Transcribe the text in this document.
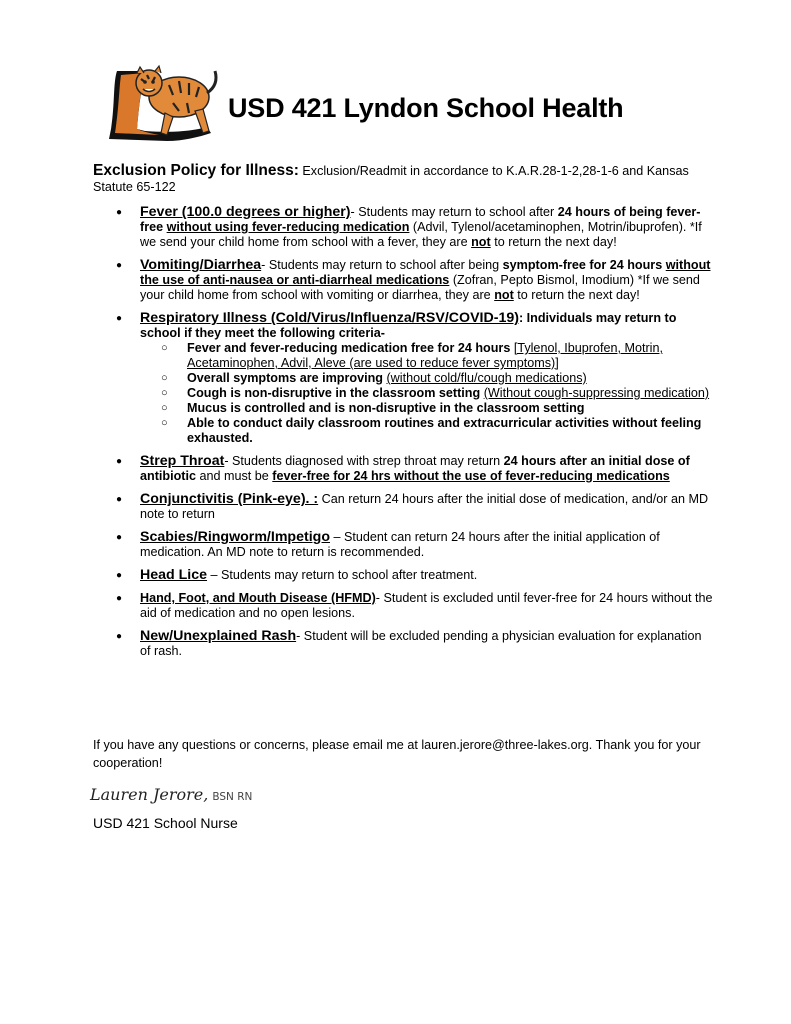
USD 421 Lyndon School Health
Exclusion Policy for Illness: Exclusion/Readmit in accordance to K.A.R.28-1-2,28-1-6 and Kansas Statute 65-122
● Fever (100.0 degrees or higher)- Students may return to school after 24 hours of being fever-free without using fever-reducing medication (Advil, Tylenol/acetaminophen, Motrin/ibuprofen). *If we send your child home from school with a fever, they are not to return the next day!
● Vomiting/Diarrhea- Students may return to school after being symptom-free for 24 hours without the use of anti-nausea or anti-diarrheal medications (Zofran, Pepto Bismol, Imodium) *If we send your child home from school with vomiting or diarrhea, they are not to return the next day!
● Respiratory Illness (Cold/Virus/Influenza/RSV/COVID-19): Individuals may return to school if they meet the following criteria-
○ Fever and fever-reducing medication free for 24 hours [Tylenol, Ibuprofen, Motrin, Acetaminophen, Advil, Aleve (are used to reduce fever symptoms)]
○ Overall symptoms are improving (without cold/flu/cough medications)
○ Cough is non-disruptive in the classroom setting (Without cough-suppressing medication)
○ Mucus is controlled and is non-disruptive in the classroom setting
○ Able to conduct daily classroom routines and extracurricular activities without feeling exhausted.
● Strep Throat- Students diagnosed with strep throat may return 24 hours after an initial dose of antibiotic and must be fever-free for 24 hrs without the use of fever-reducing medications
● Conjunctivitis (Pink-eye). : Can return 24 hours after the initial dose of medication, and/or an MD note to return
● Scabies/Ringworm/Impetigo – Student can return 24 hours after the initial application of medication. An MD note to return is recommended.
● Head Lice – Students may return to school after treatment.
● Hand, Foot, and Mouth Disease (HFMD)- Student is excluded until fever-free for 24 hours without the aid of medication and no open lesions.
● New/Unexplained Rash- Student will be excluded pending a physician evaluation for explanation of rash.
If you have any questions or concerns, please email me at lauren.jerore@three-lakes.org. Thank you for your cooperation!
Lauren Jerore, BSN RN
USD 421 School Nurse
